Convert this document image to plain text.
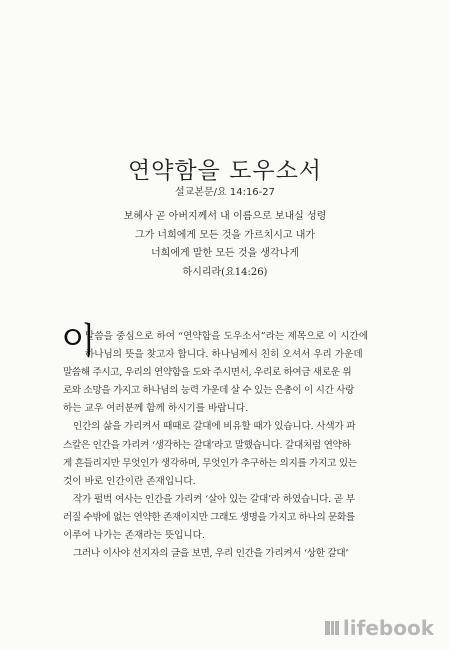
연약함을 도우소서
설교본문/요 14:16-27
보혜사 곧 아버지께서 내 이름으로 보내실 성령
그가 너희에게 모든 것을 가르치시고 내가
너희에게 말한 모든 것을 생각나게
하시리라(요14:26)
이
말씀을 중심으로 하여 “연약함을 도우소서”라는 제목으로 이 시간에
하나님의 뜻을 찾고자 합니다. 하나님께서 친히 오셔서 우리 가운데
말씀해 주시고, 우리의 연약함을 도와 주시면서, 우리로 하여금 새로운 위
로와 소망을 가지고 하나님의 능력 가운데 살 수 있는 은총이 이 시간 사랑
하는 교우 여러분께 함께 하시기를 바랍니다.
인간의 삶을 가리켜서 때때로 갈대에 비유할 때가 있습니다. 사색가 파
스칼은 인간을 가리켜 ‘생각하는 갈대’라고 말했습니다. 갈대처럼 연약하
게 흔들리지만 무엇인가 생각하며, 무엇인가 추구하는 의지를 가지고 있는
것이 바로 인간이란 존재입니다.
작가 펄벅 여사는 인간을 가리켜 ‘살아 있는 갈대’라 하였습니다. 곧 부
러질 수밖에 없는 연약한 존재이지만 그래도 생명을 가지고 하나의 문화를
이루어 나가는 존재라는 뜻입니다.
그러나 이사야 선지자의 글을 보면, 우리 인간을 가리켜서 ‘상한 갈대’
lifebook
